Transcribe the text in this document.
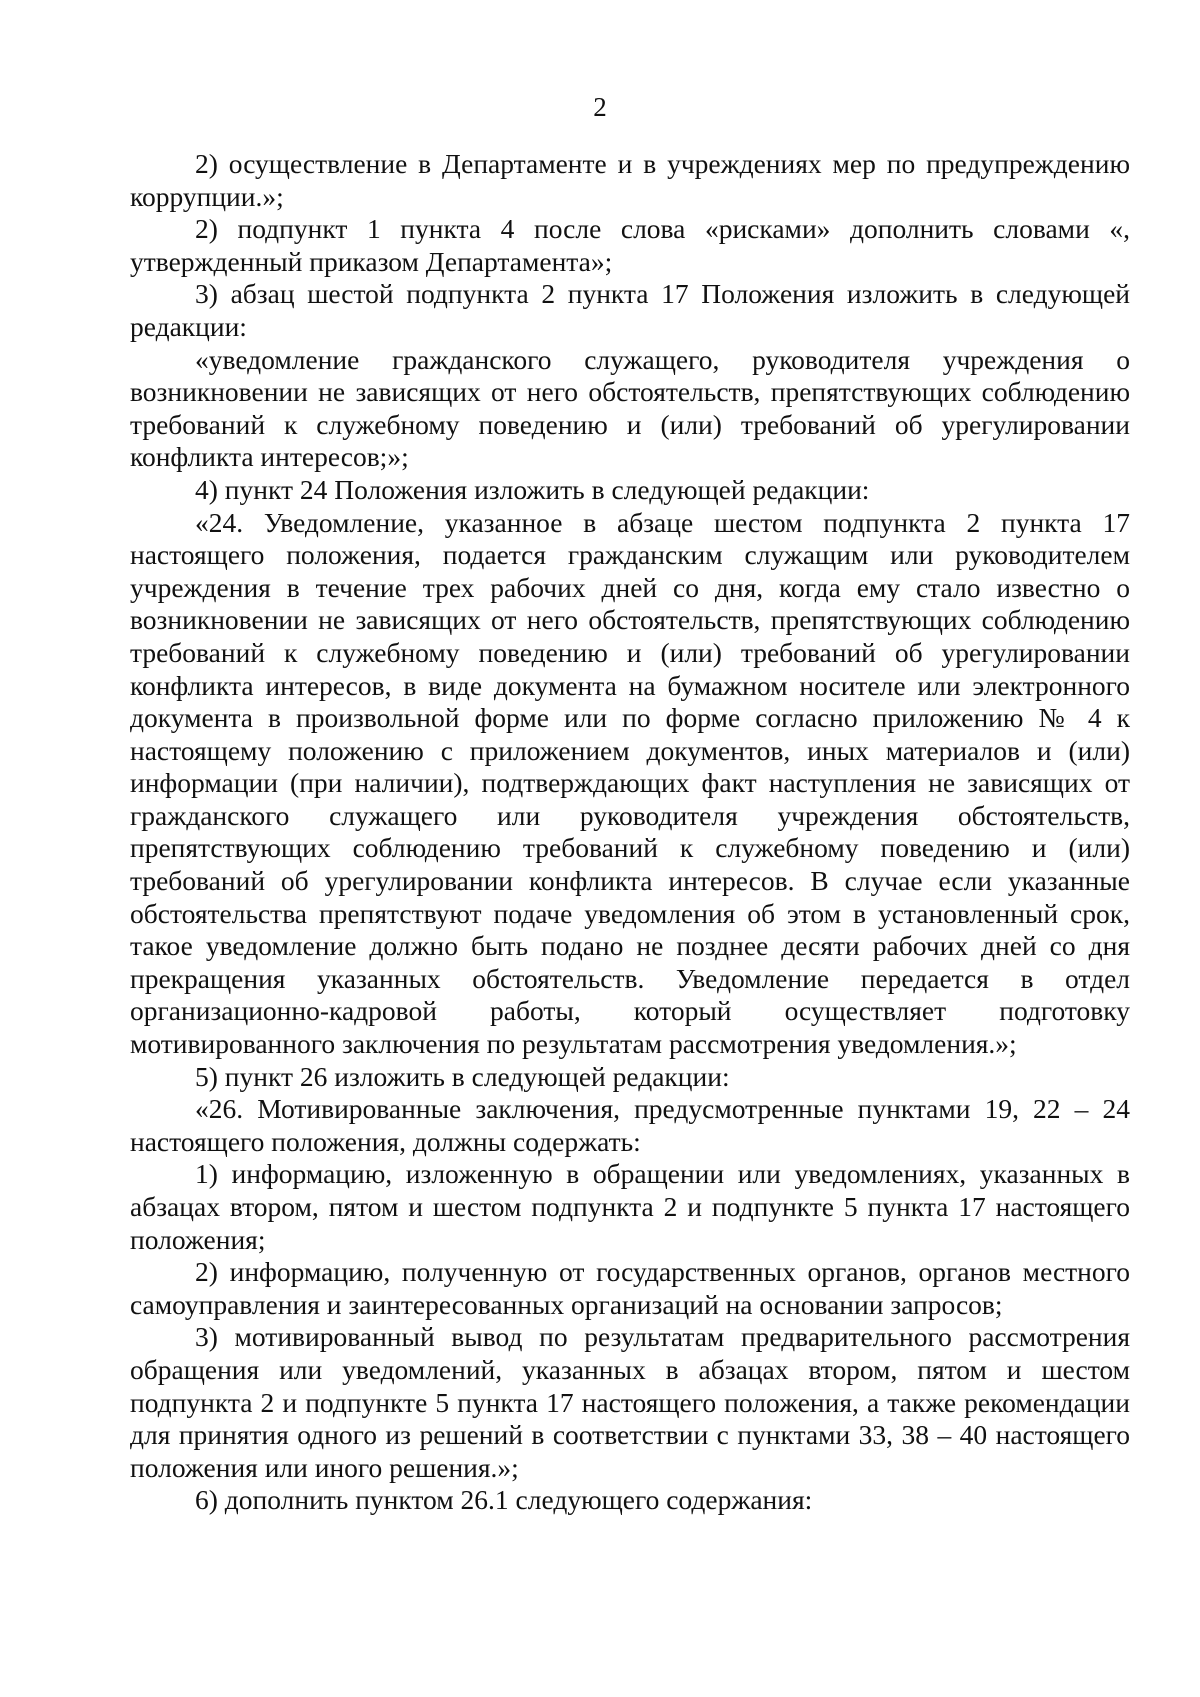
2

2) осуществление в Департаменте и в учреждениях мер по предупреждению коррупции.»;

2) подпункт 1 пункта 4 после слова «рисками» дополнить словами «, утвержденный приказом Департамента»;

3) абзац шестой подпункта 2 пункта 17 Положения изложить в следующей редакции:

«уведомление гражданского служащего, руководителя учреждения о возникновении не зависящих от него обстоятельств, препятствующих соблюдению требований к служебному поведению и (или) требований об урегулировании конфликта интересов;»;

4) пункт 24 Положения изложить в следующей редакции:

«24. Уведомление, указанное в абзаце шестом подпункта 2 пункта 17 настоящего положения, подается гражданским служащим или руководителем учреждения в течение трех рабочих дней со дня, когда ему стало известно о возникновении не зависящих от него обстоятельств, препятствующих соблюдению требований к служебному поведению и (или) требований об урегулировании конфликта интересов, в виде документа на бумажном носителе или электронного документа в произвольной форме или по форме согласно приложению № 4 к настоящему положению с приложением документов, иных материалов и (или) информации (при наличии), подтверждающих факт наступления не зависящих от гражданского служащего или руководителя учреждения обстоятельств, препятствующих соблюдению требований к служебному поведению и (или) требований об урегулировании конфликта интересов. В случае если указанные обстоятельства препятствуют подаче уведомления об этом в установленный срок, такое уведомление должно быть подано не позднее десяти рабочих дней со дня прекращения указанных обстоятельств. Уведомление передается в отдел организационно-кадровой работы, который осуществляет подготовку мотивированного заключения по результатам рассмотрения уведомления.»;

5) пункт 26 изложить в следующей редакции:

«26. Мотивированные заключения, предусмотренные пунктами 19, 22 – 24 настоящего положения, должны содержать:

1) информацию, изложенную в обращении или уведомлениях, указанных в абзацах втором, пятом и шестом подпункта 2 и подпункте 5 пункта 17 настоящего положения;

2) информацию, полученную от государственных органов, органов местного самоуправления и заинтересованных организаций на основании запросов;

3) мотивированный вывод по результатам предварительного рассмотрения обращения или уведомлений, указанных в абзацах втором, пятом и шестом подпункта 2 и подпункте 5 пункта 17 настоящего положения, а также рекомендации для принятия одного из решений в соответствии с пунктами 33, 38 – 40 настоящего положения или иного решения.»;

6) дополнить пунктом 26.1 следующего содержания:
